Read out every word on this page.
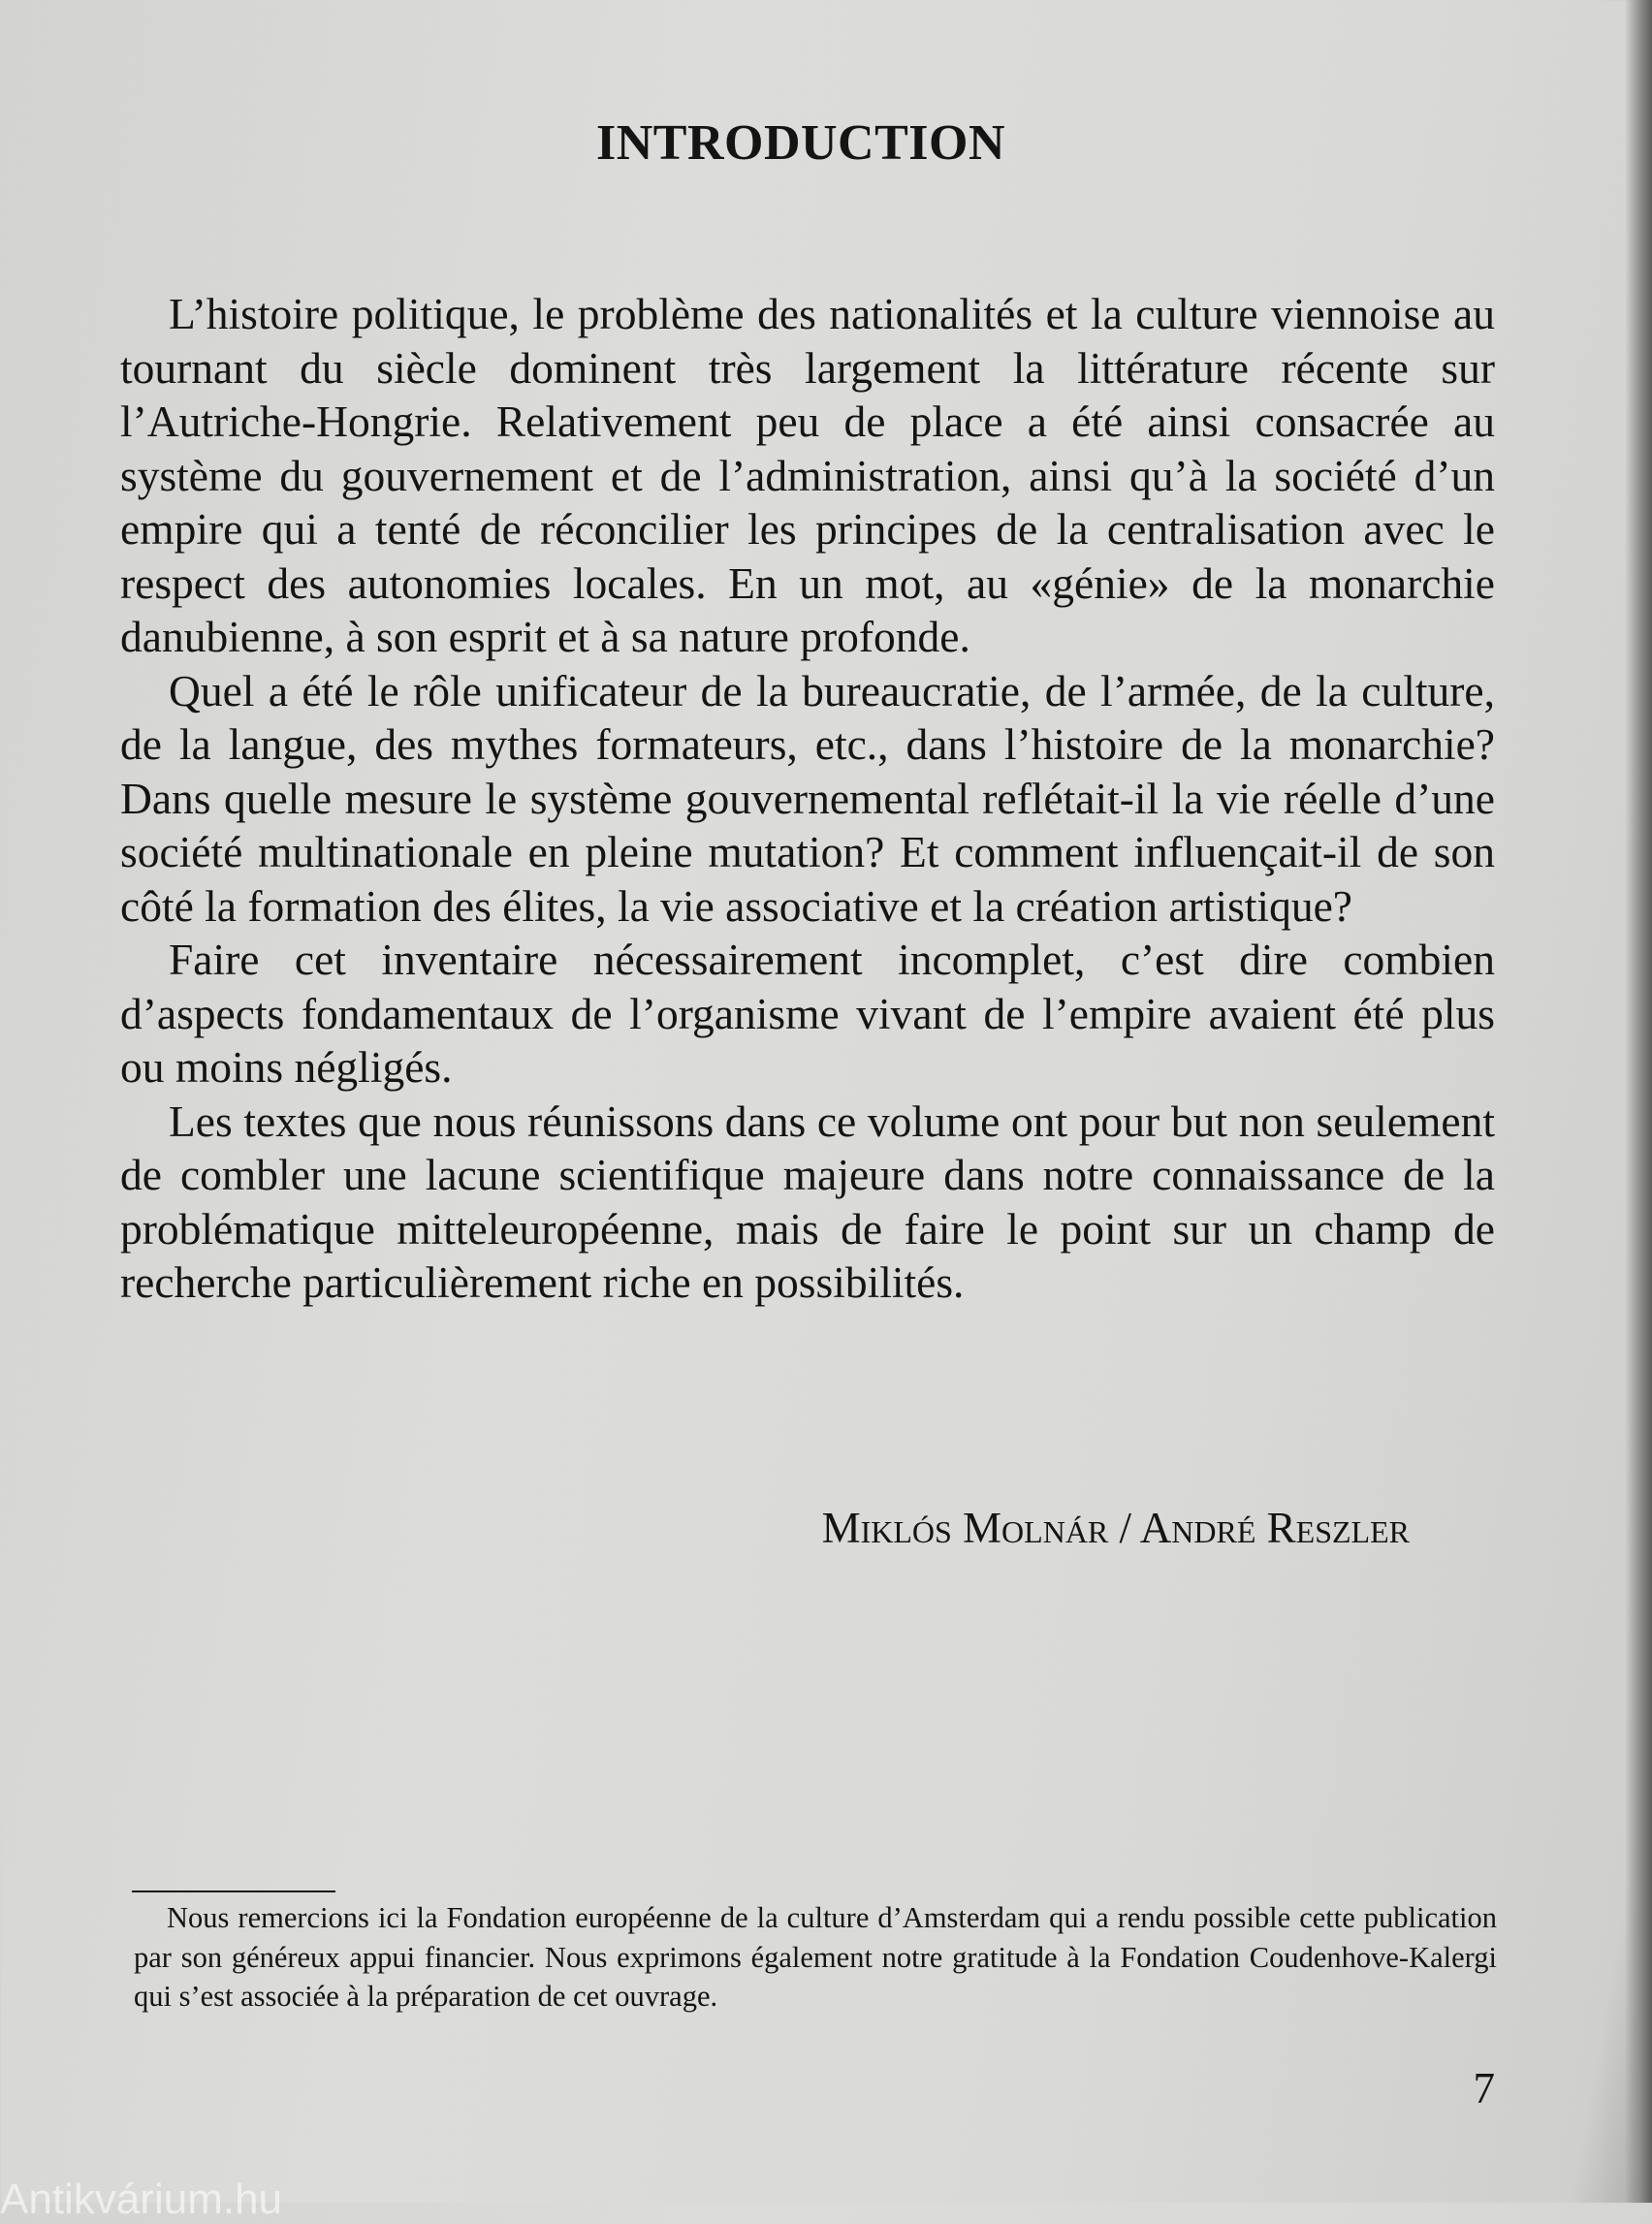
INTRODUCTION

L’histoire politique, le problème des nationalités et la culture viennoise au tournant du siècle dominent très largement la littérature récente sur l’Autriche-Hongrie. Relativement peu de place a été ainsi consacrée au système du gouvernement et de l’administration, ainsi qu’à la société d’un empire qui a tenté de réconcilier les principes de la centralisation avec le respect des autonomies locales. En un mot, au «génie» de la monarchie danubienne, à son esprit et à sa nature profonde.

Quel a été le rôle unificateur de la bureaucratie, de l’armée, de la culture, de la langue, des mythes formateurs, etc., dans l’histoire de la monarchie? Dans quelle mesure le système gouvernemental reflétait-il la vie réelle d’une société multinationale en pleine mutation? Et comment influençait-il de son côté la formation des élites, la vie associative et la création artistique?

Faire cet inventaire nécessairement incomplet, c’est dire combien d’aspects fondamentaux de l’organisme vivant de l’empire avaient été plus ou moins négligés.

Les textes que nous réunissons dans ce volume ont pour but non seulement de combler une lacune scientifique majeure dans notre connaissance de la problématique mitteleuropéenne, mais de faire le point sur un champ de recherche particulièrement riche en possibilités.

Miklós Molnár / André Reszler

Nous remercions ici la Fondation européenne de la culture d’Amsterdam qui a rendu possible cette publication par son généreux appui financier. Nous exprimons également notre gratitude à la Fondation Coudenhove-Kalergi qui s’est associée à la préparation de cet ouvrage.

7
Antikvárium.hu
